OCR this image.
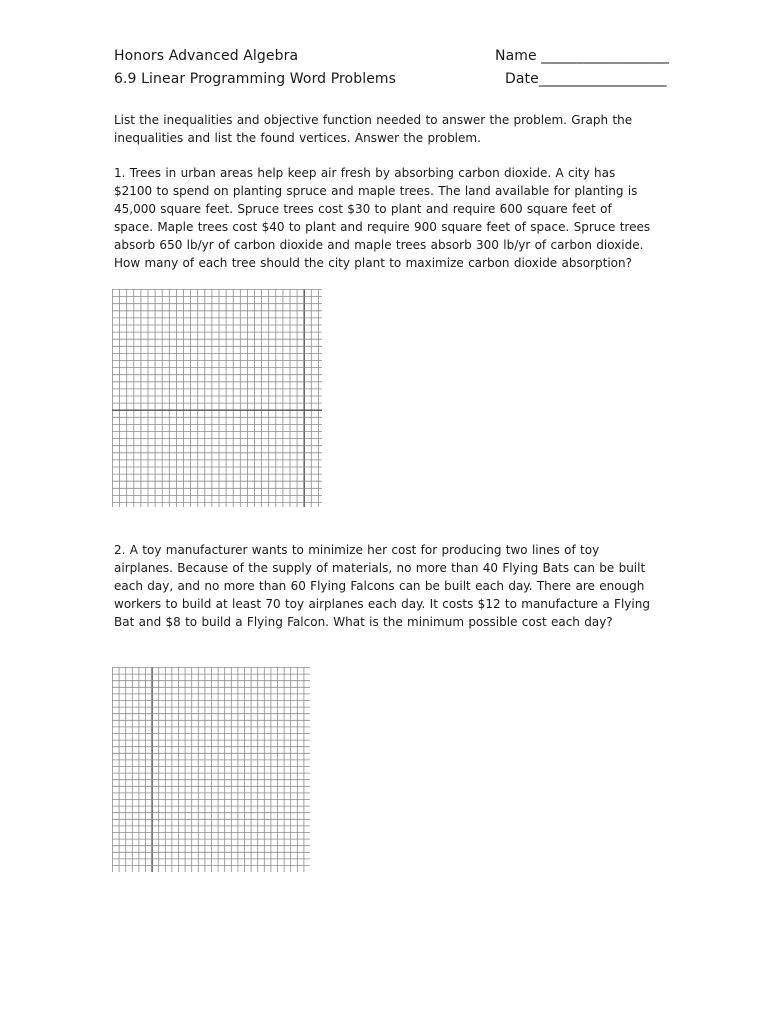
Honors Advanced Algebra
6.9 Linear Programming Word Problems
Name __________________
Date__________________
List the inequalities and objective function needed to answer the problem. Graph the inequalities and list the found vertices. Answer the problem.
1. Trees in urban areas help keep air fresh by absorbing carbon dioxide. A city has $2100 to spend on planting spruce and maple trees. The land available for planting is 45,000 square feet. Spruce trees cost $30 to plant and require 600 square feet of space. Maple trees cost $40 to plant and require 900 square feet of space. Spruce trees absorb 650 lb/yr of carbon dioxide and maple trees absorb 300 lb/yr of carbon dioxide. How many of each tree should the city plant to maximize carbon dioxide absorption?
2. A toy manufacturer wants to minimize her cost for producing two lines of toy airplanes. Because of the supply of materials, no more than 40 Flying Bats can be built each day, and no more than 60 Flying Falcons can be built each day. There are enough workers to build at least 70 toy airplanes each day. It costs $12 to manufacture a Flying Bat and $8 to build a Flying Falcon. What is the minimum possible cost each day?
